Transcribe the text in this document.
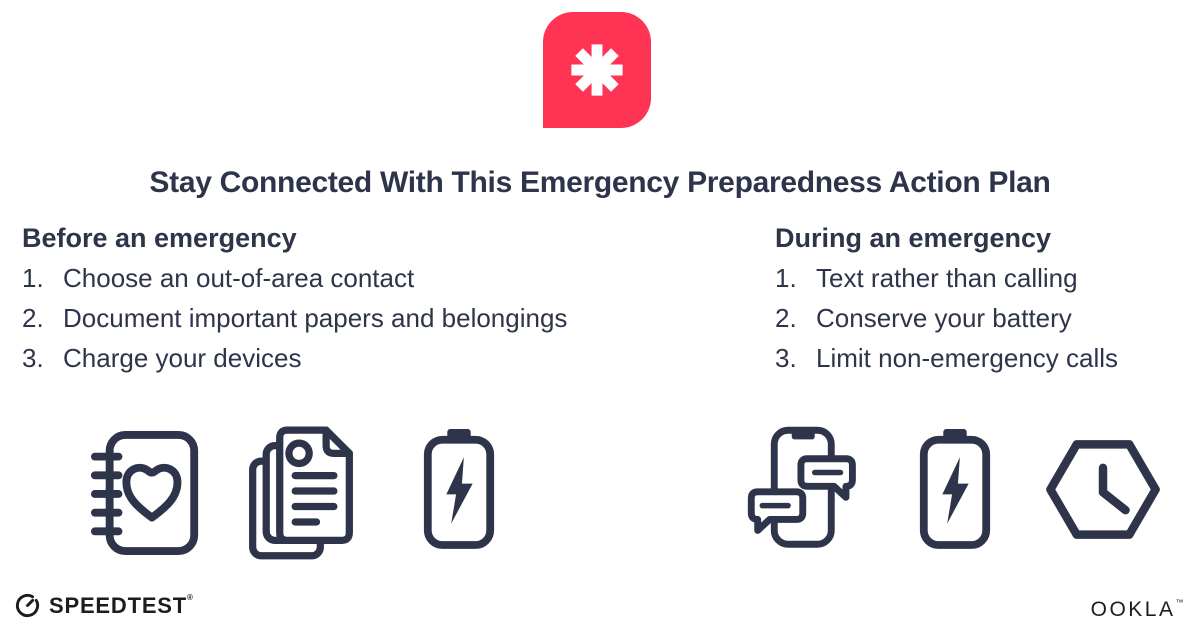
Stay Connected With This Emergency Preparedness Action Plan
Before an emergency
Choose an out-of-area contact
Document important papers and belongings
Charge your devices
During an emergency
Text rather than calling
Conserve your battery
Limit non-emergency calls
SPEEDTEST®
OOKLA™
